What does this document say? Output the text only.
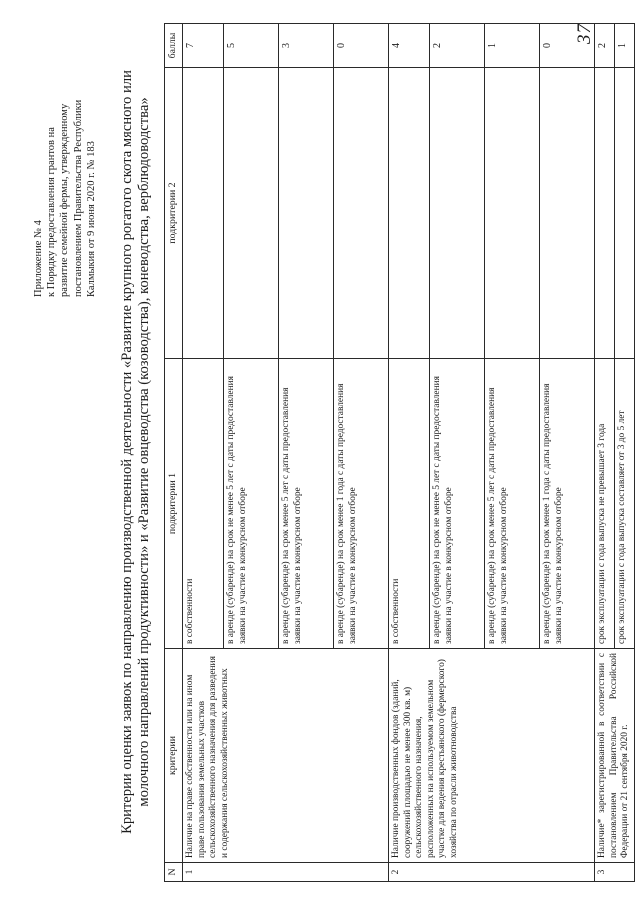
Приложение № 4 к Порядку предоставления грантов на развитие семейной фермы, утвержденному постановлением Правительства Республики Калмыкия от 9 июня 2020 г. № 183
37
Критерии оценки заявок по направлению производственной деятельности «Развитие крупного рогатого скота мясного или молочного направлений продуктивности» и «Развитие овцеводства (козоводства), коневодства, верблюдоводства»
N	критерии	подкритерии 1	подкритерии 2	баллы
1	Наличие на праве собственности или на ином праве пользования земельных участков сельскохозяйственного назначения для разведения и содержания сельскохозяйственных животных	в собственности		7
		в аренде (субаренде) на срок не менее 5 лет с даты предоставления заявки на участие в конкурсном отборе		5
		в аренде (субаренде) на срок менее 5 лет с даты предоставления заявки на участие в конкурсном отборе		3
		в аренде (субаренде) на срок менее 1 года с даты предоставления заявки на участие в конкурсном отборе		0
2	Наличие производственных фондов (зданий, сооружений площадью не менее 300 кв. м) сельскохозяйственного назначения, расположенных на используемом земельном участке для ведения крестьянского (фермерского) хозяйства по отрасли животноводства	в собственности		4
		в аренде (субаренде) на срок не менее 5 лет с даты предоставления заявки на участие в конкурсном отборе		2
		в аренде (субаренде) на срок менее 5 лет с даты предоставления заявки на участие в конкурсном отборе		1
		в аренде (субаренде) на срок менее 1 года с даты предоставления заявки на участие в конкурсном отборе		0
3	Наличие* зарегистрированной в соответствии с постановлением Правительства Российской Федерации от 21 сентября 2020 г.	срок эксплуатации с года выпуска не превышает 3 года		2
		срок эксплуатации с года выпуска составляет от 3 до 5 лет		1
